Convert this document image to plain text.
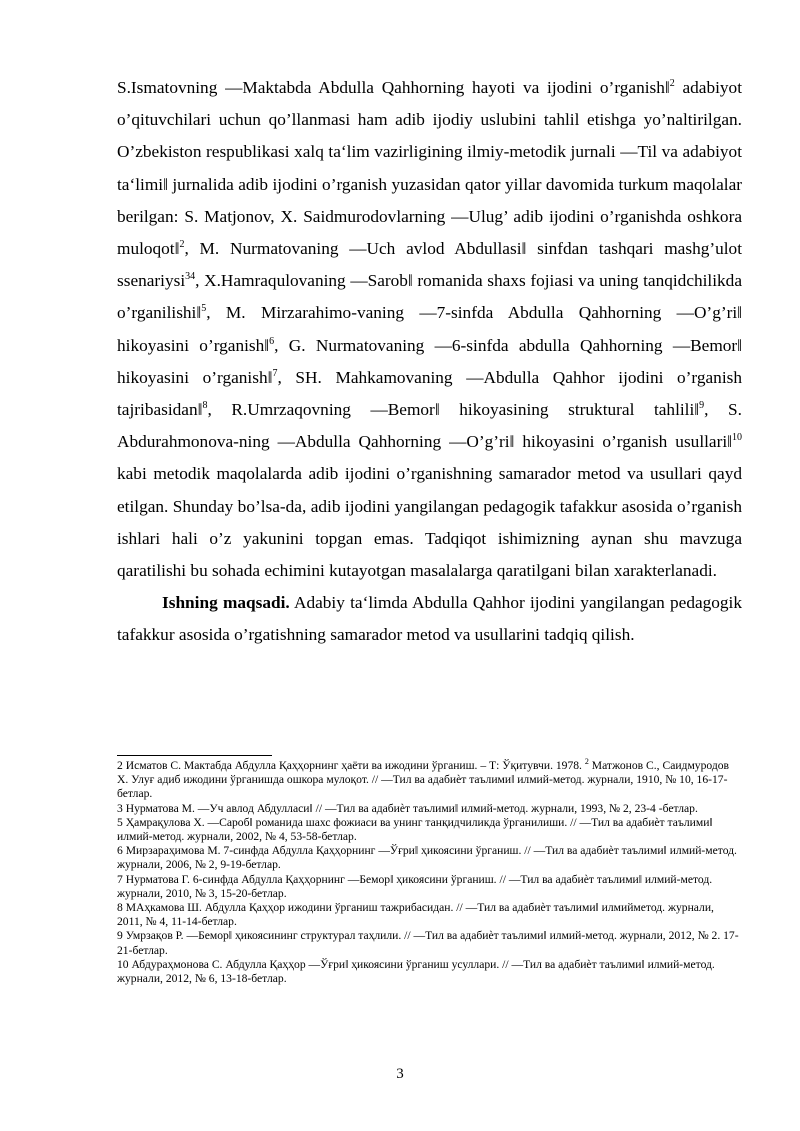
S.Ismatovning ―Maktabda Abdulla Qahhorning hayoti va ijodini o’rganish‖$^2$ adabiyot o’qituvchilari uchun qo’llanmasi ham adib ijodiy uslubini tahlil etishga yo’naltirilgan. O’zbekiston respublikasi xalq ta‘lim vazirligining ilmiy-metodik jurnali ―Til va adabiyot ta‘limi‖ jurnalida adib ijodini o’rganish yuzasidan qator yillar davomida turkum maqolalar berilgan: S. Matjonov, X. Saidmurodovlarning ―Ulug’ adib ijodini o’rganishda oshkora muloqot‖$^2$, M. Nurmatovaning ―Uch avlod Abdullasi‖ sinfdan tashqari mashg’ulot ssenariysi$^{34}$, X.Hamraqulovaning ―Sarob‖ romanida shaxs fojiasi va uning tanqidchilikda o’rganilishi‖$^5$, M. Mirzarahimo-vaning ―7-sinfda Abdulla Qahhorning ―O’g’ri‖ hikoyasini o’rganish‖$^6$, G. Nurmatovaning ―6-sinfda abdulla Qahhorning ―Bemor‖ hikoyasini o’rganish‖$^7$, SH. Mahkamovaning ―Abdulla Qahhor ijodini o’rganish tajribasidan‖$^8$, R.Umrzaqovning ―Bemor‖ hikoyasining struktural tahlili‖$^9$, S. Abdurahmonova-ning ―Abdulla Qahhorning ―O’g’ri‖ hikoyasini o’rganish usullari‖$^{10}$ kabi metodik maqolalarda adib ijodini o’rganishning samarador metod va usullari qayd etilgan. Shunday bo’lsa-da, adib ijodini yangilangan pedagogik tafakkur asosida o’rganish ishlari hali o’z yakunini topgan emas. Tadqiqot ishimizning aynan shu mavzuga qaratilishi bu sohada echimini kutayotgan masalalarga qaratilgani bilan xarakterlanadi.

Ishning maqsadi. Adabiy ta‘limda Abdulla Qahhor ijodini yangilangan pedagogik tafakkur asosida o’rgatishning samarador metod va usullarini tadqiq qilish.

2 Исматов С. Мактабда Абдулла Қаҳҳорнинг ҳаёти ва ижодини ўрганиш. – Т: Ўқитувчи. 1978. $^2$ Матжонов С., Саидмуродов Х. Улуғ адиб ижодини ўрганишда ошкора мулоқот. // ―Тил ва адабиѐт таълими‖ илмий-метод. журнали, 1910, № 10, 16-17-бетлар.

3 Нурматова М. ―Уч авлод Абдулласи‖ // ―Тил ва адабиѐт таълими‖ илмий-метод. журнали, 1993, № 2, 23-4 -бетлар.

5 Ҳамрақулова Х. ―Сароб‖ романида шахс фожиаси ва унинг танқидчиликда ўрганилиши. // ―Тил ва адабиѐт таълими‖ илмий-метод. журнали, 2002, № 4, 53-58-бетлар.

6 Мирзараҳимова М. 7-синфда Абдулла Қаҳҳорнинг ―Ўғри‖ ҳикоясини ўрганиш. // ―Тил ва адабиѐт таълими‖ илмий-метод. журнали, 2006, № 2, 9-19-бетлар.

7 Нурматова Г. 6-синфда Абдулла Қаҳҳорнинг ―Бемор‖ ҳикоясини ўрганиш. // ―Тил ва адабиѐт таълими‖ илмий-метод. журнали, 2010, № 3, 15-20-бетлар.

8 МАҳкамова Ш. Абдулла Қаҳҳор ижодини ўрганиш тажрибасидан. // ―Тил ва адабиѐт таълими‖ илмийметод. журнали, 2011, № 4, 11-14-бетлар.

9 Умрзақов Р. ―Бемор‖ ҳикоясининг структурал таҳлили. // ―Тил ва адабиѐт таълими‖ илмий-метод. журнали, 2012, № 2. 17-21-бетлар.

10 Абдураҳмонова С. Абдулла Қаҳҳор ―Ўғри‖ ҳикоясини ўрганиш усуллари. // ―Тил ва адабиѐт таълими‖ илмий-метод. журнали, 2012, № 6, 13-18-бетлар.

3
